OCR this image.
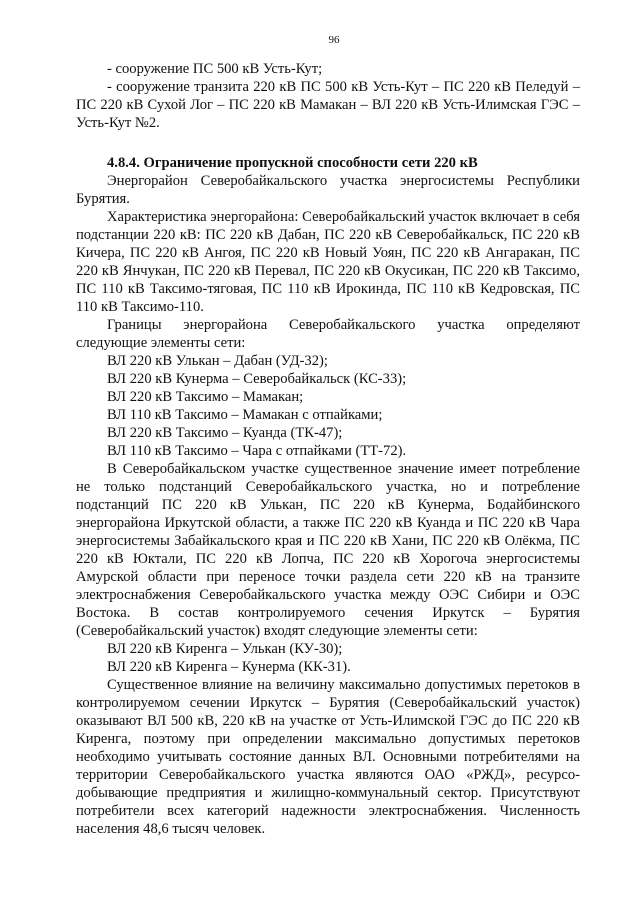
96

- сооружение ПС 500 кВ Усть-Кут;

- сооружение транзита 220 кВ ПС 500 кВ Усть-Кут – ПС 220 кВ Пеледуй – ПС 220 кВ Сухой Лог – ПС 220 кВ Мамакан – ВЛ 220 кВ Усть-Илимская ГЭС – Усть-Кут №2.

4.8.4. Ограничение пропускной способности сети 220 кВ

Энергорайон Северобайкальского участка энергосистемы Республики Бурятия.

Характеристика энергорайона: Северобайкальский участок включает в себя подстанции 220 кВ: ПС 220 кВ Дабан, ПС 220 кВ Северобайкальск, ПС 220 кВ Кичера, ПС 220 кВ Ангоя, ПС 220 кВ Новый Уоян, ПС 220 кВ Ангаракан, ПС 220 кВ Янчукан, ПС 220 кВ Перевал, ПС 220 кВ Окусикан, ПС 220 кВ Таксимо, ПС 110 кВ Таксимо-тяговая, ПС 110 кВ Ирокинда, ПС 110 кВ Кедровская, ПС 110 кВ Таксимо-110.

Границы энергорайона Северобайкальского участка определяют следующие элементы сети:

ВЛ 220 кВ Улькан – Дабан (УД-32);
ВЛ 220 кВ Кунерма – Северобайкальск (КС-33);
ВЛ 220 кВ Таксимо – Мамакан;
ВЛ 110 кВ Таксимо – Мамакан с отпайками;
ВЛ 220 кВ Таксимо – Куанда (ТК-47);
ВЛ 110 кВ Таксимо – Чара с отпайками (ТТ-72).

В Северобайкальском участке существенное значение имеет потребление не только подстанций Северобайкальского участка, но и потребление подстанций ПС 220 кВ Улькан, ПС 220 кВ Кунерма, Бодайбинского энергорайона Иркутской области, а также ПС 220 кВ Куанда и ПС 220 кВ Чара энергосистемы Забайкальского края и ПС 220 кВ Хани, ПС 220 кВ Олёкма, ПС 220 кВ Юктали, ПС 220 кВ Лопча, ПС 220 кВ Хорогоча энергосистемы Амурской области при переносе точки раздела сети 220 кВ на транзите электроснабжения Северобайкальского участка между ОЭС Сибири и ОЭС Востока. В состав контролируемого сечения Иркутск – Бурятия (Северобайкальский участок) входят следующие элементы сети:

ВЛ 220 кВ Киренга – Улькан (КУ-30);
ВЛ 220 кВ Киренга – Кунерма (КК-31).

Существенное влияние на величину максимально допустимых перетоков в контролируемом сечении Иркутск – Бурятия (Северобайкальский участок) оказывают ВЛ 500 кВ, 220 кВ на участке от Усть-Илимской ГЭС до ПС 220 кВ Киренга, поэтому при определении максимально допустимых перетоков необходимо учитывать состояние данных ВЛ. Основными потребителями на территории Северобайкальского участка являются ОАО «РЖД», ресурсо-добывающие предприятия и жилищно-коммунальный сектор. Присутствуют потребители всех категорий надежности электроснабжения. Численность населения 48,6 тысяч человек.
